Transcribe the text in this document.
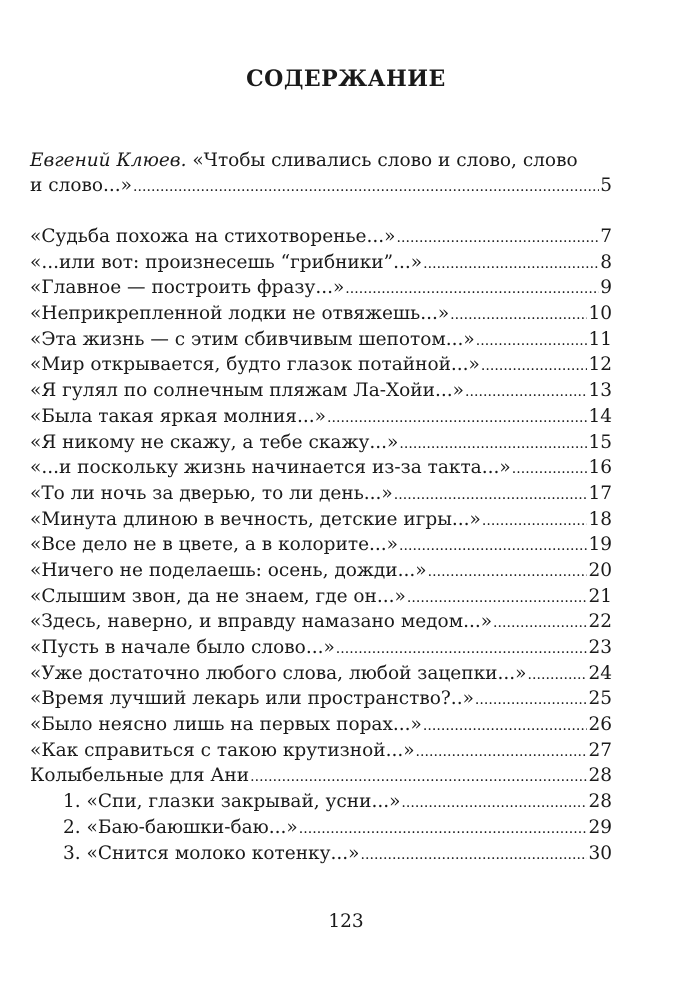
СОДЕРЖАНИЕ
Евгений Клюев. «Чтобы сливались слово и слово, слово
и слово...» . . .	5
«Судьба похожа на стихотворенье...» . . .	7
«...или вот: произнесешь “грибники”...» . . .	8
«Главное — построить фразу...» . . .	9
«Неприкрепленной лодки не отвяжешь...» . . .	10
«Эта жизнь — с этим сбивчивым шепотом...» . . .	11
«Мир открывается, будто глазок потайной...» . . .	12
«Я гулял по солнечным пляжам Ла-Хойи...» . . .	13
«Была такая яркая молния...» . . .	14
«Я никому не скажу, а тебе скажу...» . . .	15
«...и поскольку жизнь начинается из-за такта...» . . .	16
«То ли ночь за дверью, то ли день...» . . .	17
«Минута длиною в вечность, детские игры...» . . .	18
«Все дело не в цвете, а в колорите...» . . .	19
«Ничего не поделаешь: осень, дожди...» . . .	20
«Слышим звон, да не знаем, где он...» . . .	21
«Здесь, наверно, и вправду намазано медом...» . . .	22
«Пусть в начале было слово...» . . .	23
«Уже достаточно любого слова, любой зацепки...» . . .	24
«Время лучший лекарь или пространство?..» . . .	25
«Было неясно лишь на первых порах...» . . .	26
«Как справиться с такою крутизной...» . . .	27
Колыбельные для Ани . . .	28
1. «Спи, глазки закрывай, усни...» . . .	28
2. «Баю-баюшки-баю...» . . .	29
3. «Снится молоко котенку...» . . .	30
123
